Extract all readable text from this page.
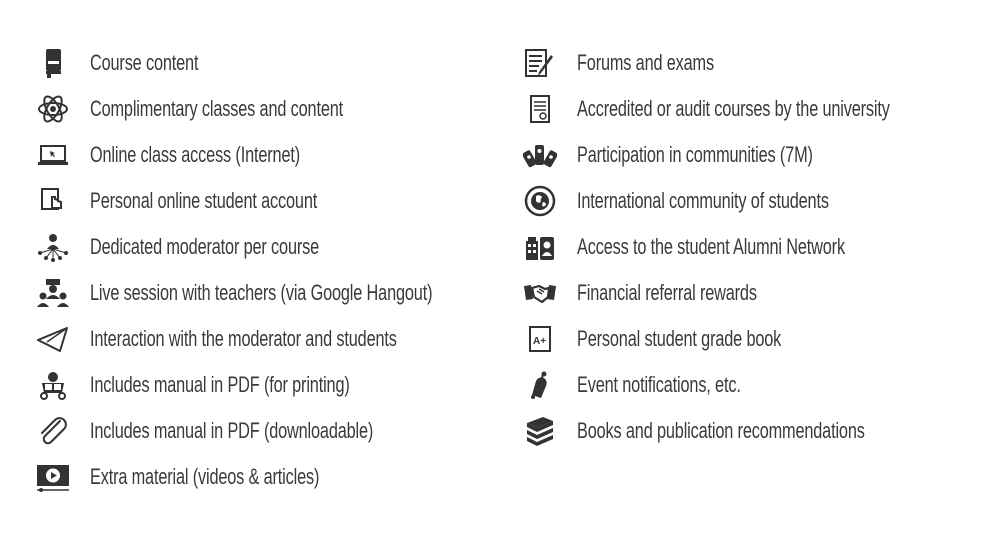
Course content
Complimentary classes and content
Online class access (Internet)
Personal online student account
Dedicated moderator per course
Live session with teachers (via Google Hangout)
Interaction with the moderator and students
Includes manual in PDF (for printing)
Includes manual in PDF (downloadable)
Extra material (videos & articles)
Forums and exams
Accredited or audit courses by the university
Participation in communities (7M)
International community of students
Access to the student Alumni Network
Financial referral rewards
A+ Personal student grade book
Event notifications, etc.
Books and publication recommendations
